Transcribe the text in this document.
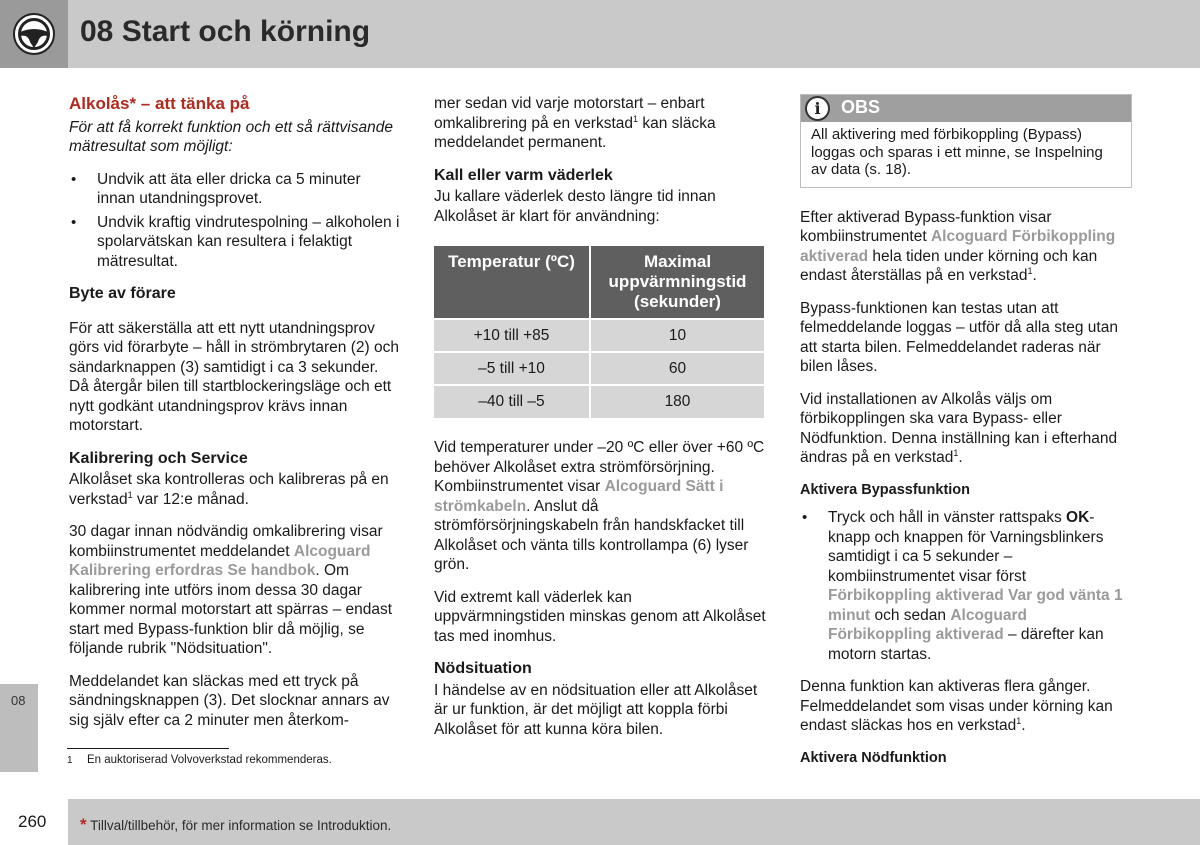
08 Start och körning
08
Alkolås* – att tänka på

För att få korrekt funktion och ett så rättvisande mätresultat som möjligt:

• Undvik att äta eller dricka ca 5 minuter innan utandningsprovet.
• Undvik kraftig vindrutespolning – alkoholen i spolarvätskan kan resultera i felaktigt mätresultat.
Byte av förare

För att säkerställa att ett nytt utandningsprov görs vid förarbyte – håll in strömbrytaren (2) och sändarknappen (3) samtidigt i ca 3 sekunder. Då återgår bilen till startblockeringsläge och ett nytt godkänt utandningsprov krävs innan motorstart.

Kalibrering och Service

Alkolåset ska kontrolleras och kalibreras på en verkstad$^1$ var 12:e månad.

30 dagar innan nödvändig omkalibrering visar kombiinstrumentet meddelandet Alcoguard Kalibrering erfordras Se handbok. Om kalibrering inte utförs inom dessa 30 dagar kommer normal motorstart att spärras – endast start med Bypass-funktion blir då möjlig, se följande rubrik "Nödsituation".

Meddelandet kan släckas med ett tryck på sändningsknappen (3). Det slocknar annars av sig själv efter ca 2 minuter men återkom-

mer sedan vid varje motorstart – enbart omkalibrering på en verkstad$^1$ kan släcka meddelandet permanent.

Kall eller varm väderlek

Ju kallare väderlek desto längre tid innan Alkolåset är klart för användning:

Temperatur (ºC)	Maximal uppvärmningstid (sekunder)
+10 till +85	10
–5 till +10	60
–40 till –5	180

Vid temperaturer under –20 ºC eller över +60 ºC behöver Alkolåset extra strömförsörjning. Kombiinstrumentet visar Alcoguard Sätt i strömkabeln. Anslut då strömförsörjningskabeln från handskfacket till Alkolåset och vänta tills kontrollampa (6) lyser grön.

Vid extremt kall väderlek kan uppvärmningstiden minskas genom att Alkolåset tas med inomhus.

Nödsituation

I händelse av en nödsituation eller att Alkolåset är ur funktion, är det möjligt att koppla förbi Alkolåset för att kunna köra bilen.

i	OBS
All aktivering med förbikoppling (Bypass) loggas och sparas i ett minne, se Inspelning av data (s. 18).

Efter aktiverad Bypass-funktion visar kombiinstrumentet Alcoguard Förbikoppling aktiverad hela tiden under körning och kan endast återställas på en verkstad$^1$.

Bypass-funktionen kan testas utan att felmeddelande loggas – utför då alla steg utan att starta bilen. Felmeddelandet raderas när bilen låses.

Vid installationen av Alkolås väljs om förbikopplingen ska vara Bypass- eller Nödfunktion. Denna inställning kan i efterhand ändras på en verkstad$^1$.

Aktivera Bypassfunktion
• Tryck och håll in vänster rattspaks OK-knapp och knappen för Varningsblinkers samtidigt i ca 5 sekunder – kombiinstrumentet visar först Förbikoppling aktiverad Var god vänta 1 minut och sedan Alcoguard Förbikoppling aktiverad – därefter kan motorn startas.

Denna funktion kan aktiveras flera gånger. Felmeddelandet som visas under körning kan endast släckas hos en verkstad$^1$.

Aktivera Nödfunktion
1 En auktoriserad Volvoverkstad rekommenderas.
260 * Tillval/tillbehör, för mer information se Introduktion.
